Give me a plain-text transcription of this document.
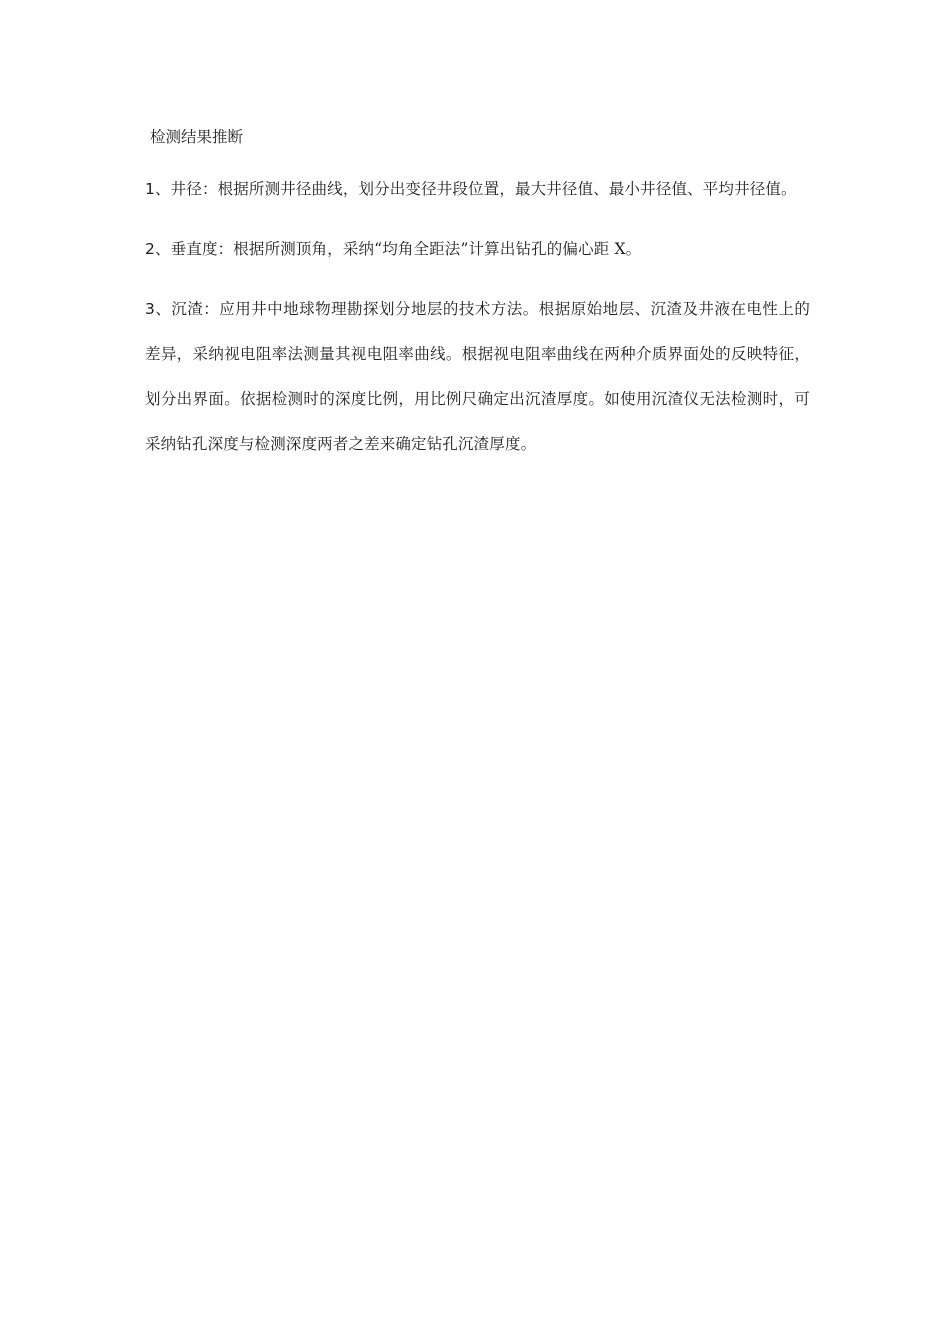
检测结果推断

1、井径：根据所测井径曲线，划分出变径井段位置，最大井径值、最小井径值、平均井径值。

2、垂直度：根据所测顶角，采纳“均角全距法”计算出钻孔的偏心距 X。

3、沉渣：应用井中地球物理勘探划分地层的技术方法。根据原始地层、沉渣及井液在电性上的差异，采纳视电阻率法测量其视电阻率曲线。根据视电阻率曲线在两种介质界面处的反映特征，划分出界面。依据检测时的深度比例，用比例尺确定出沉渣厚度。如使用沉渣仪无法检测时，可采纳钻孔深度与检测深度两者之差来确定钻孔沉渣厚度。
